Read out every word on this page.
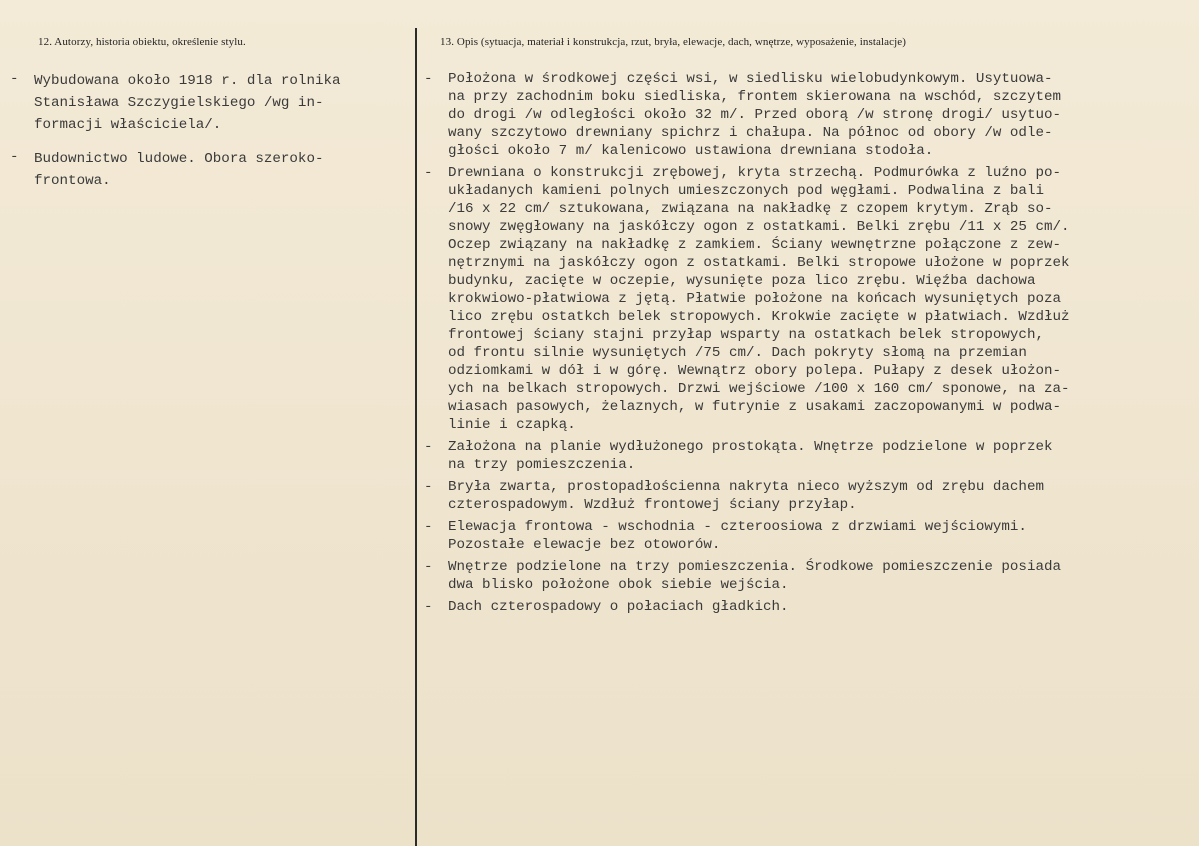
12. Autorzy, historia obiektu, określenie stylu.	13. Opis (sytuacja, materiał i konstrukcja, rzut, bryła, elewacje, dach, wnętrze, wyposażenie, instalacje)
-	Wybudowana około 1918 r. dla rolnika
Stanisława Szczygielskiego /wg in-
formacji właściciela/.
-	Budownictwo ludowe. Obora szeroko-
frontowa.
-	Położona w środkowej części wsi, w siedlisku wielobudynkowym. Usytuowa-
na przy zachodnim boku siedliska, frontem skierowana na wschód, szczytem
do drogi /w odległości około 32 m/. Przed oborą /w stronę drogi/ usytuo-
wany szczytowo drewniany spichrz i chałupa. Na północ od obory /w odle-
głości około 7 m/ kalenicowo ustawiona drewniana stodoła.
-	Drewniana o konstrukcji zrębowej, kryta strzechą. Podmurówka z luźno po-
układanych kamieni polnych umieszczonych pod węgłami. Podwalina z bali
/16 x 22 cm/ sztukowana, związana na nakładkę z czopem krytym. Zrąb so-
snowy zwęgłowany na jaskółczy ogon z ostatkami. Belki zrębu /11 x 25 cm/.
Oczep związany na nakładkę z zamkiem. Ściany wewnętrzne połączone z zew-
nętrznymi na jaskółczy ogon z ostatkami. Belki stropowe ułożone w poprzek
budynku, zacięte w oczepie, wysunięte poza lico zrębu. Więźba dachowa
krokwiowo-płatwiowa z jętą. Płatwie położone na końcach wysuniętych poza
lico zrębu ostatkch belek stropowych. Krokwie zacięte w płatwiach. Wzdłuż
frontowej ściany stajni przyłap wsparty na ostatkach belek stropowych,
od frontu silnie wysuniętych /75 cm/. Dach pokryty słomą na przemian
odziomkami w dół i w górę. Wewnątrz obory polepa. Pułapy z desek ułożon-
ych na belkach stropowych. Drzwi wejściowe /100 x 160 cm/ sponowe, na za-
wiasach pasowych, żelaznych, w futrynie z usakami zaczopowanymi w podwa-
linie i czapką.
-	Założona na planie wydłużonego prostokąta. Wnętrze podzielone w poprzek
na trzy pomieszczenia.
-	Bryła zwarta, prostopadłościenna nakryta nieco wyższym od zrębu dachem
czterospadowym. Wzdłuż frontowej ściany przyłap.
-	Elewacja frontowa - wschodnia - czteroosiowa z drzwiami wejściowymi.
Pozostałe elewacje bez otoworów.
-	Wnętrze podzielone na trzy pomieszczenia. Środkowe pomieszczenie posiada
dwa blisko położone obok siebie wejścia.
-	Dach czterospadowy o połaciach gładkich.
